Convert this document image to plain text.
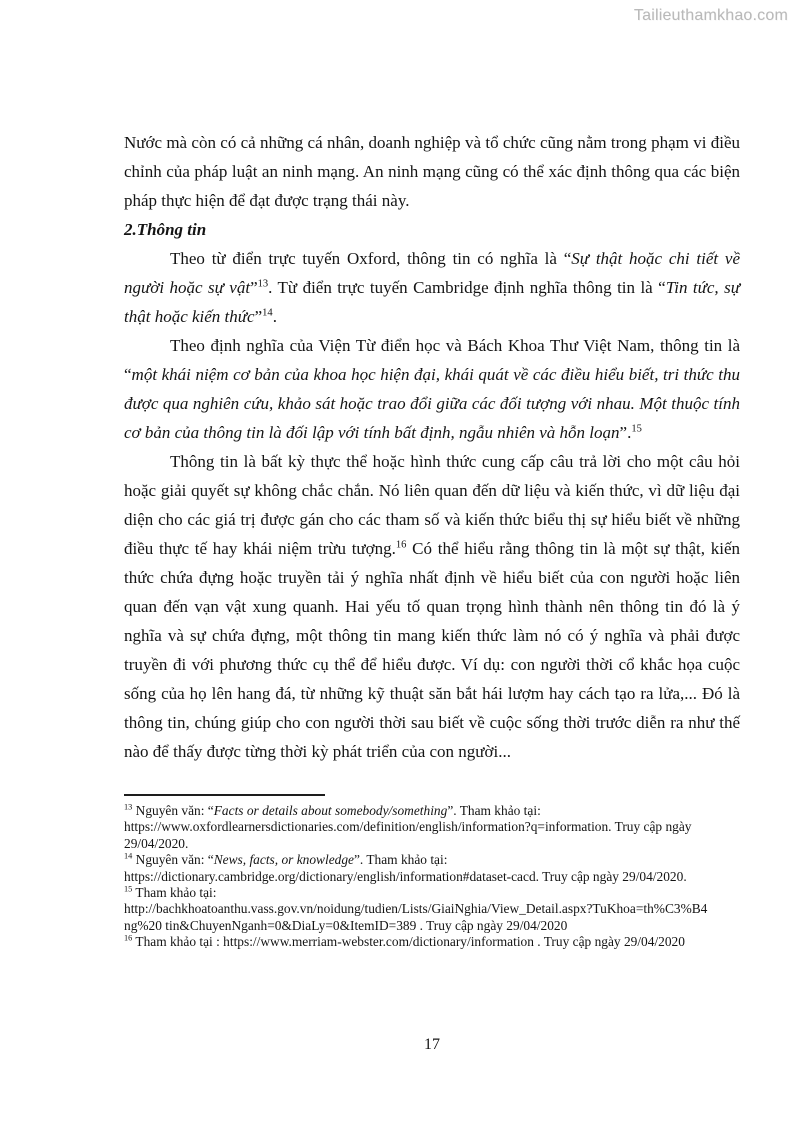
Tailieuthamkhao.com

Nước mà còn có cả những cá nhân, doanh nghiệp và tổ chức cũng nằm trong phạm vi điều chỉnh của pháp luật an ninh mạng. An ninh mạng cũng có thể xác định thông qua các biện pháp thực hiện để đạt được trạng thái này.

2.Thông tin

Theo từ điển trực tuyến Oxford, thông tin có nghĩa là “Sự thật hoặc chi tiết về người hoặc sự vật”$^{13}$. Từ điển trực tuyến Cambridge định nghĩa thông tin là “Tin tức, sự thật hoặc kiến thức”$^{14}$.

Theo định nghĩa của Viện Từ điển học và Bách Khoa Thư Việt Nam, thông tin là “một khái niệm cơ bản của khoa học hiện đại, khái quát về các điều hiểu biết, tri thức thu được qua nghiên cứu, khảo sát hoặc trao đổi giữa các đối tượng với nhau. Một thuộc tính cơ bản của thông tin là đối lập với tính bất định, ngẫu nhiên và hỗn loạn”.$^{15}$

Thông tin là bất kỳ thực thể hoặc hình thức cung cấp câu trả lời cho một câu hỏi hoặc giải quyết sự không chắc chắn. Nó liên quan đến dữ liệu và kiến thức, vì dữ liệu đại diện cho các giá trị được gán cho các tham số và kiến thức biểu thị sự hiểu biết về những điều thực tế hay khái niệm trừu tượng.$^{16}$ Có thể hiểu rằng thông tin là một sự thật, kiến thức chứa đựng hoặc truyền tải ý nghĩa nhất định về hiểu biết của con người hoặc liên quan đến vạn vật xung quanh. Hai yếu tố quan trọng hình thành nên thông tin đó là ý nghĩa và sự chứa đựng, một thông tin mang kiến thức làm nó có ý nghĩa và phải được truyền đi với phương thức cụ thể để hiểu được. Ví dụ: con người thời cổ khắc họa cuộc sống của họ lên hang đá, từ những kỹ thuật săn bắt hái lượm hay cách tạo ra lửa,... Đó là thông tin, chúng giúp cho con người thời sau biết về cuộc sống thời trước diễn ra như thế nào để thấy được từng thời kỳ phát triển của con người...

$^{13}$ Nguyên văn: “Facts or details about somebody/something”. Tham khảo tại:
https://www.oxfordlearnersdictionaries.com/definition/english/information?q=information. Truy cập ngày
29/04/2020.
$^{14}$ Nguyên văn: “News, facts, or knowledge”. Tham khảo tại:
https://dictionary.cambridge.org/dictionary/english/information#dataset-cacd. Truy cập ngày 29/04/2020.
$^{15}$ Tham khảo tại:
http://bachkhoatoanthu.vass.gov.vn/noidung/tudien/Lists/GiaiNghia/View_Detail.aspx?TuKhoa=th%C3%B4
ng%20 tin&ChuyenNganh=0&DiaLy=0&ItemID=389 . Truy cập ngày 29/04/2020
$^{16}$ Tham khảo tại : https://www.merriam-webster.com/dictionary/information . Truy cập ngày 29/04/2020
17
